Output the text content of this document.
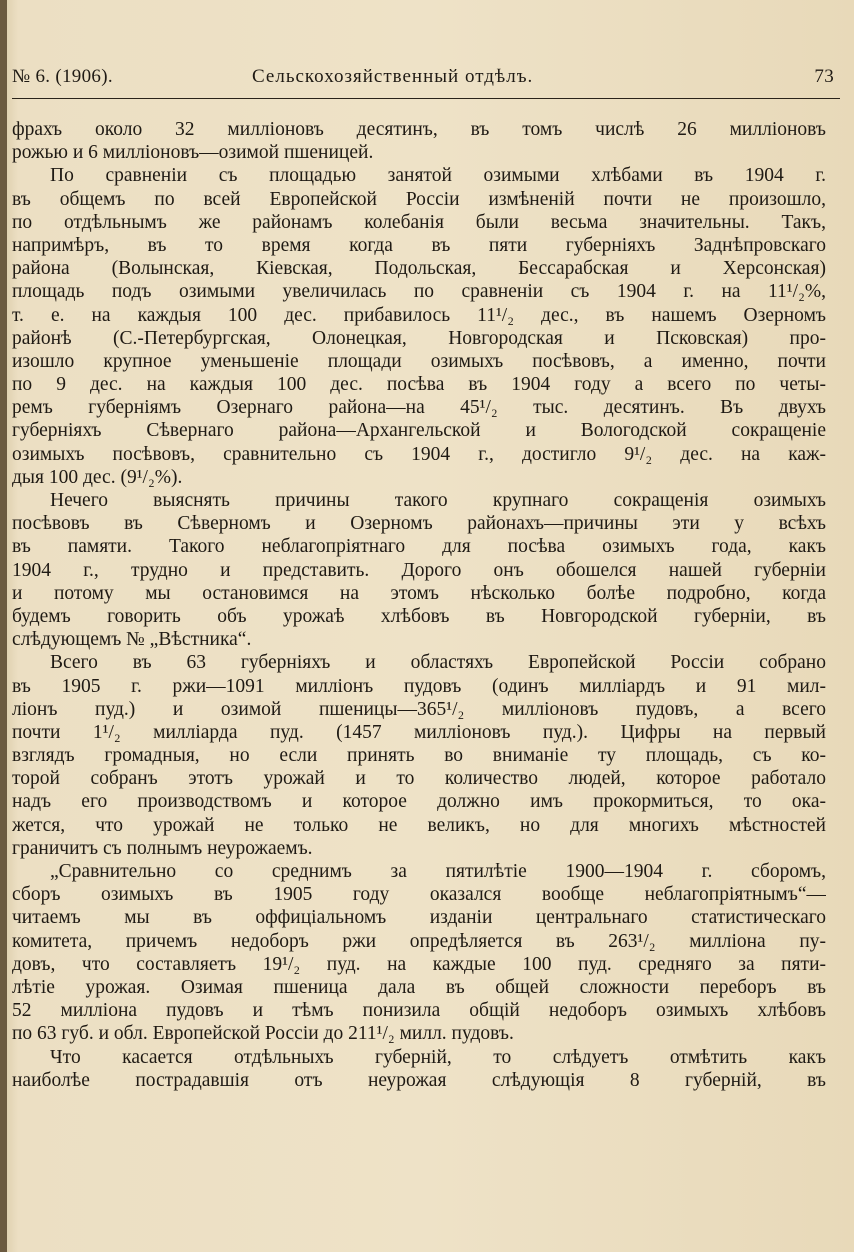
№ 6. (1906).	Сельскохозяйственный отдѣлъ.	73
фрахъ около 32 милліоновъ десятинъ, въ томъ числѣ 26 милліоновъ
рожью и 6 милліоновъ—озимой пшеницей.
По сравненіи съ площадью занятой озимыми хлѣбами въ 1904 г.
въ общемъ по всей Европейской Россіи измѣненій почти не произошло,
по отдѣльнымъ же районамъ колебанія были весьма значительны. Такъ,
напримѣръ, въ то время когда въ пяти губерніяхъ Заднѣпровскаго
района (Волынская, Кіевская, Подольская, Бессарабская и Херсонская)
площадь подъ озимыми увеличилась по сравненіи съ 1904 г. на 11¹/₂%,
т. е. на каждыя 100 дес. прибавилось 11¹/₂ дес., въ нашемъ Озерномъ
районѣ (С.-Петербургская, Олонецкая, Новгородская и Псковская) про-
изошло крупное уменьшеніе площади озимыхъ посѣвовъ, а именно, почти
по 9 дес. на каждыя 100 дес. посѣва въ 1904 году а всего по четы-
ремъ губерніямъ Озернаго района—на 45¹/₂ тыс. десятинъ. Въ двухъ
губерніяхъ Сѣвернаго района—Архангельской и Вологодской сокращеніе
озимыхъ посѣвовъ, сравнительно съ 1904 г., достигло 9¹/₂ дес. на каж-
дыя 100 дес. (9¹/₂%).
Нечего выяснять причины такого крупнаго сокращенія озимыхъ
посѣвовъ въ Сѣверномъ и Озерномъ районахъ—причины эти у всѣхъ
въ памяти. Такого неблагопріятнаго для посѣва озимыхъ года, какъ
1904 г., трудно и представить. Дорого онъ обошелся нашей губерніи
и потому мы остановимся на этомъ нѣсколько болѣе подробно, когда
будемъ говорить объ урожаѣ хлѣбовъ въ Новгородской губерніи, въ
слѣдующемъ № „Вѣстника“.
Всего въ 63 губерніяхъ и областяхъ Европейской Россіи собрано
въ 1905 г. ржи—1091 милліонъ пудовъ (одинъ милліардъ и 91 мил-
ліонъ пуд.) и озимой пшеницы—365¹/₂ милліоновъ пудовъ, а всего
почти 1¹/₂ милліарда пуд. (1457 милліоновъ пуд.). Цифры на первый
взглядъ громадныя, но если принять во вниманіе ту площадь, съ ко-
торой собранъ этотъ урожай и то количество людей, которое работало
надъ его производствомъ и которое должно имъ прокормиться, то ока-
жется, что урожай не только не великъ, но для многихъ мѣстностей
граничитъ съ полнымъ неурожаемъ.
„Сравнительно со среднимъ за пятилѣтіе 1900—1904 г. сборомъ,
сборъ озимыхъ въ 1905 году оказался вообще неблагопріятнымъ“—
читаемъ мы въ оффиціальномъ изданіи центральнаго статистическаго
комитета, причемъ недоборъ ржи опредѣляется въ 263¹/₂ милліона пу-
довъ, что составляетъ 19¹/₂ пуд. на каждые 100 пуд. средняго за пяти-
лѣтіе урожая. Озимая пшеница дала въ общей сложности переборъ въ
52 милліона пудовъ и тѣмъ понизила общій недоборъ озимыхъ хлѣбовъ
по 63 губ. и обл. Европейской Россіи до 211¹/₂ милл. пудовъ.
Что касается отдѣльныхъ губерній, то слѣдуетъ отмѣтить какъ
наиболѣе пострадавшія отъ неурожая слѣдующія 8 губерній, въ
